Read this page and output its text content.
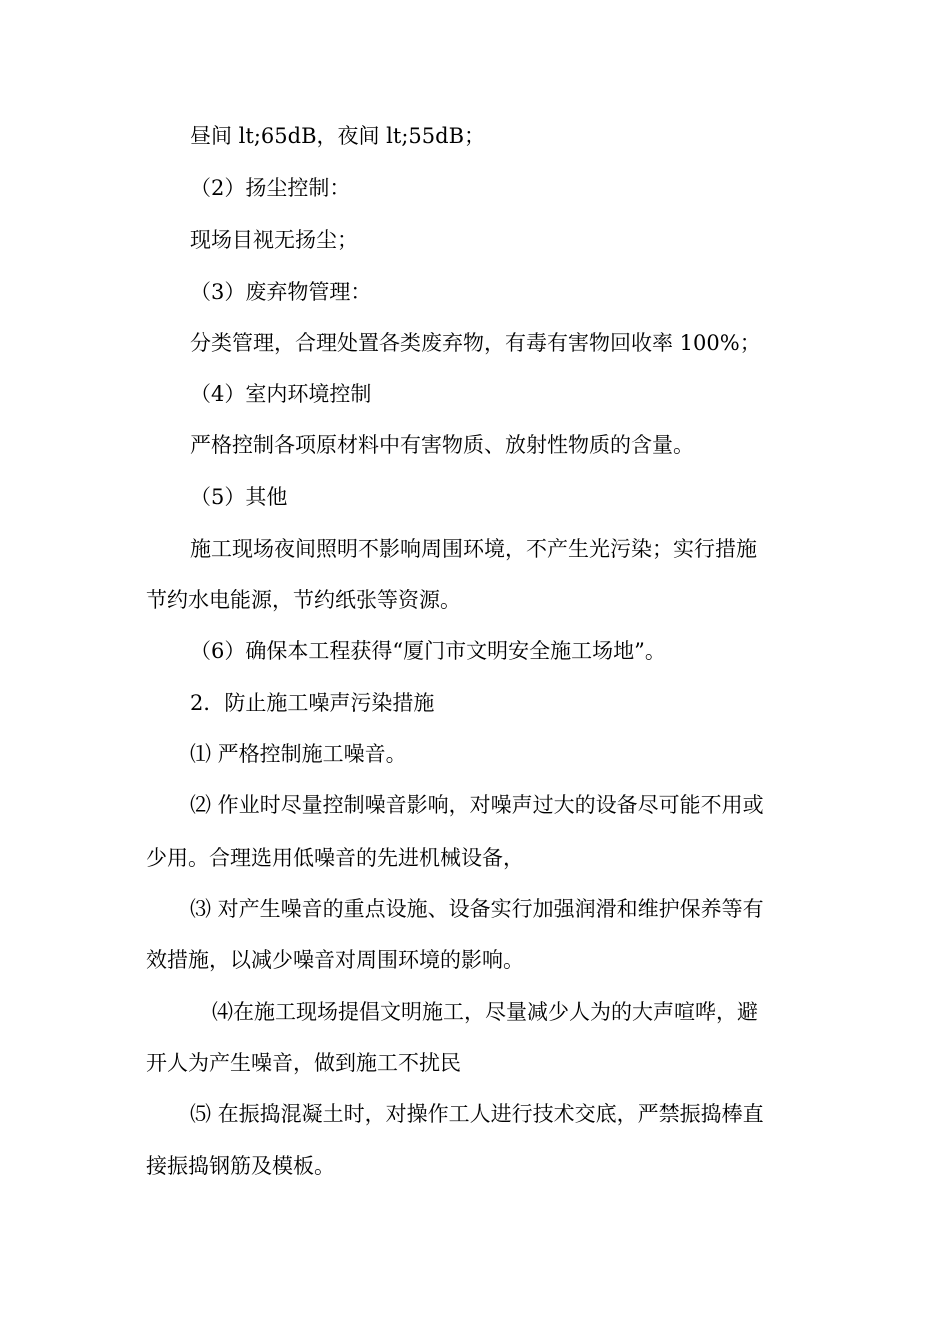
昼间 lt;65dB，夜间 lt;55dB；
（2）扬尘控制：
现场目视无扬尘；
（3）废弃物管理：
分类管理，合理处置各类废弃物，有毒有害物回收率 100%；
（4）室内环境控制
严格控制各项原材料中有害物质、放射性物质的含量。
（5）其他
施工现场夜间照明不影响周围环境，不产生光污染；实行措施
节约水电能源，节约纸张等资源。
（6）确保本工程获得“厦门市文明安全施工场地”。
2．防止施工噪声污染措施
⑴ 严格控制施工噪音。
⑵ 作业时尽量控制噪音影响，对噪声过大的设备尽可能不用或
少用。合理选用低噪音的先进机械设备，
⑶ 对产生噪音的重点设施、设备实行加强润滑和维护保养等有
效措施，以减少噪音对周围环境的影响。
⑷在施工现场提倡文明施工，尽量减少人为的大声喧哗，避
开人为产生噪音，做到施工不扰民
⑸ 在振捣混凝土时，对操作工人进行技术交底，严禁振捣棒直
接振捣钢筋及模板。
